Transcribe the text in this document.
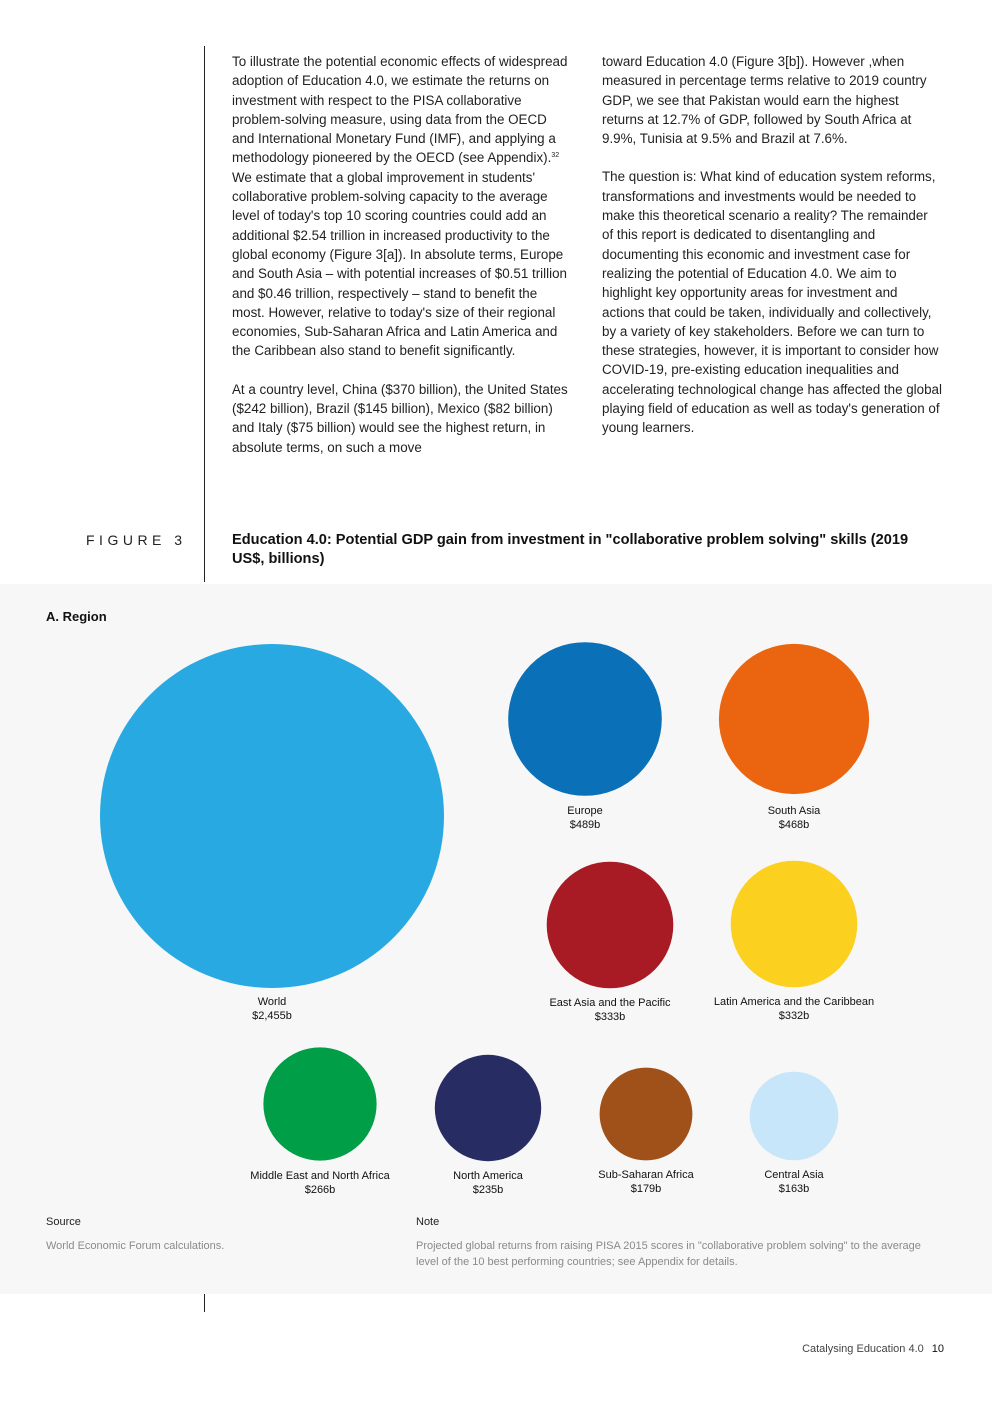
To illustrate the potential economic effects of widespread adoption of Education 4.0, we estimate the returns on investment with respect to the PISA collaborative problem-solving measure, using data from the OECD and International Monetary Fund (IMF), and applying a methodology pioneered by the OECD (see Appendix).$^{32}$ We estimate that a global improvement in students' collaborative problem-solving capacity to the average level of today's top 10 scoring countries could add an additional $2.54 trillion in increased productivity to the global economy (Figure 3[a]). In absolute terms, Europe and South Asia – with potential increases of $0.51 trillion and $0.46 trillion, respectively – stand to benefit the most. However, relative to today's size of their regional economies, Sub-Saharan Africa and Latin America and the Caribbean also stand to benefit significantly.

At a country level, China ($370 billion), the United States ($242 billion), Brazil ($145 billion), Mexico ($82 billion) and Italy ($75 billion) would see the highest return, in absolute terms, on such a move

toward Education 4.0 (Figure 3[b]). However ,when measured in percentage terms relative to 2019 country GDP, we see that Pakistan would earn the highest returns at 12.7% of GDP, followed by South Africa at 9.9%, Tunisia at 9.5% and Brazil at 7.6%.

The question is: What kind of education system reforms, transformations and investments would be needed to make this theoretical scenario a reality? The remainder of this report is dedicated to disentangling and documenting this economic and investment case for realizing the potential of Education 4.0. We aim to highlight key opportunity areas for investment and actions that could be taken, individually and collectively, by a variety of key stakeholders. Before we can turn to these strategies, however, it is important to consider how COVID-19, pre-existing education inequalities and accelerating technological change has affected the global playing field of education as well as today's generation of young learners.

FIGURE 3	Education 4.0: Potential GDP gain from investment in "collaborative problem solving" skills (2019 US$, billions)
A. Region
World
$2,455b
Europe
$489b
South Asia
$468b
East Asia and the Pacific
$333b
Latin America and the Caribbean
$332b
Middle East and North Africa
$266b
North America
$235b
Sub-Saharan Africa
$179b
Central Asia
$163b
Source
World Economic Forum calculations.
Note
Projected global returns from raising PISA 2015 scores in "collaborative problem solving" to the average level of the 10 best performing countries; see Appendix for details.
Catalysing Education 4.0 10
